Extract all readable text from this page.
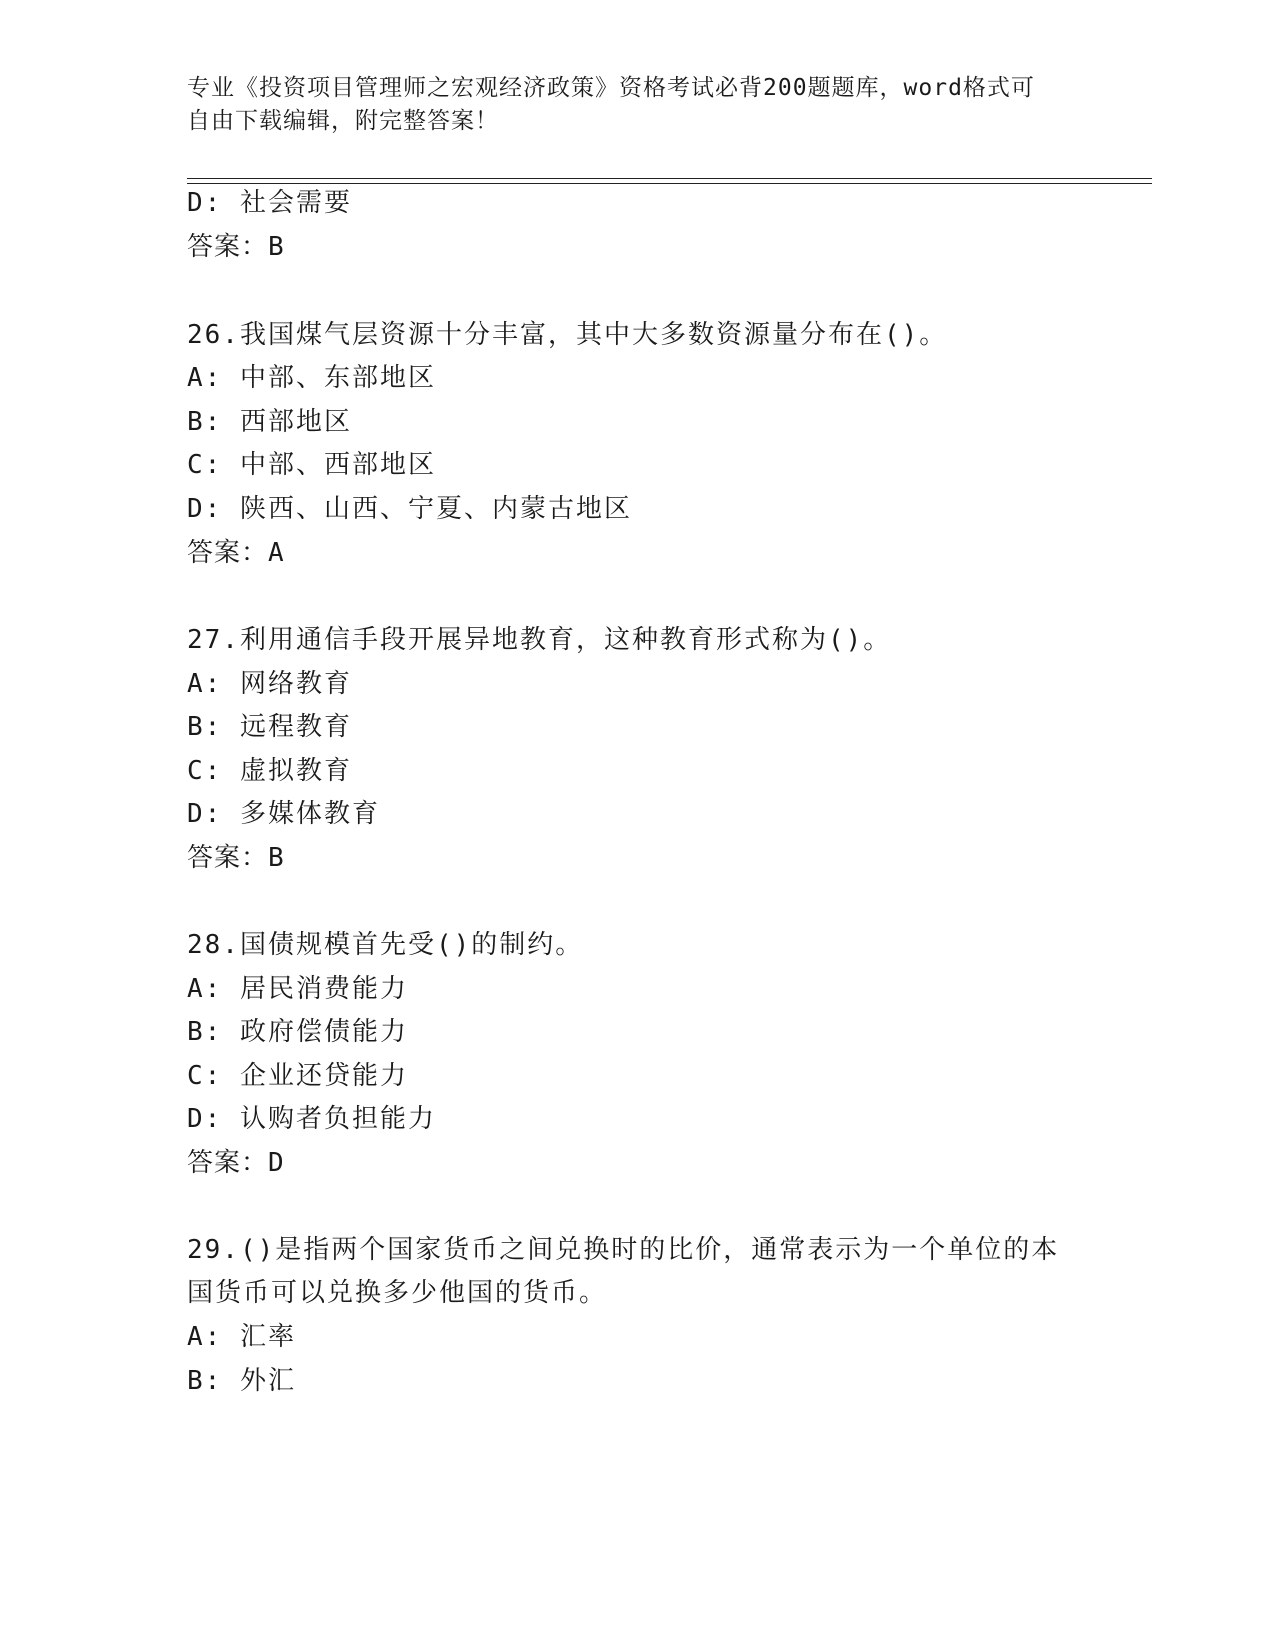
专业《投资项目管理师之宏观经济政策》资格考试必背200题题库，word格式可
自由下载编辑，附完整答案！
D: 社会需要
答案：B
26.我国煤气层资源十分丰富，其中大多数资源量分布在()。
A: 中部、东部地区
B: 西部地区
C: 中部、西部地区
D: 陕西、山西、宁夏、内蒙古地区
答案：A
27.利用通信手段开展异地教育，这种教育形式称为()。
A: 网络教育
B: 远程教育
C: 虚拟教育
D: 多媒体教育
答案：B
28.国债规模首先受()的制约。
A: 居民消费能力
B: 政府偿债能力
C: 企业还贷能力
D: 认购者负担能力
答案：D
29.()是指两个国家货币之间兑换时的比价，通常表示为一个单位的本
国货币可以兑换多少他国的货币。
A: 汇率
B: 外汇
